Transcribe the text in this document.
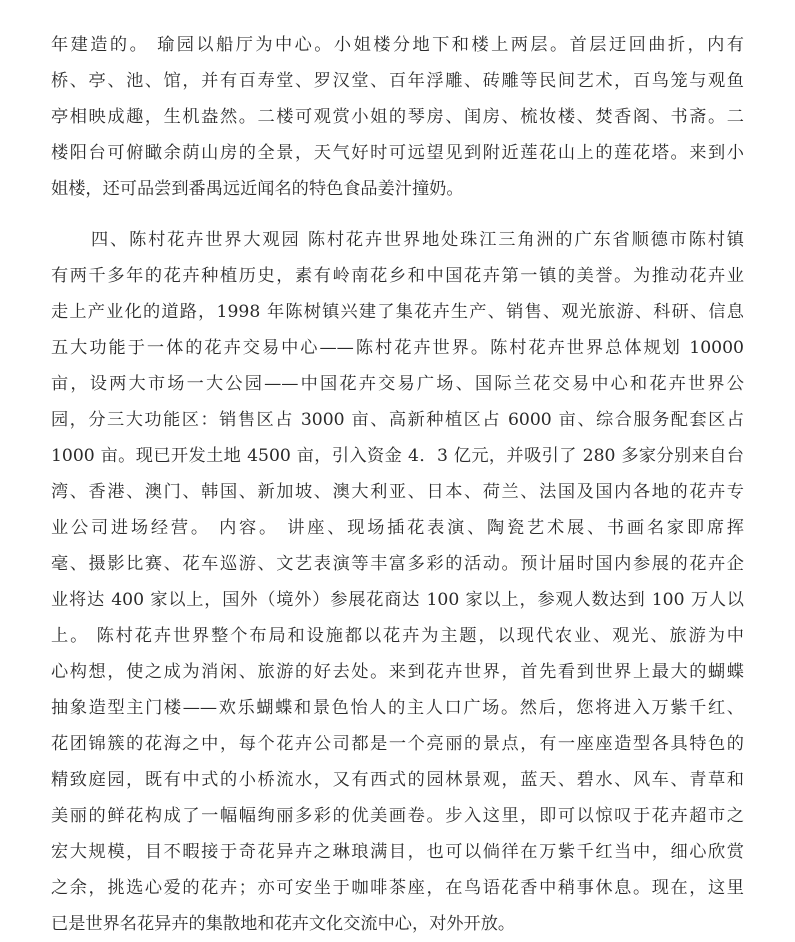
年建造的。 瑜园以船厅为中心。小姐楼分地下和楼上两层。首层迂回曲折，内有
桥、亭、池、馆，并有百寿堂、罗汉堂、百年浮雕、砖雕等民间艺术，百鸟笼与观鱼
亭相映成趣，生机盎然。二楼可观赏小姐的琴房、闺房、梳妆楼、焚香阁、书斋。二
楼阳台可俯瞰余荫山房的全景，天气好时可远望见到附近莲花山上的莲花塔。来到小
姐楼，还可品尝到番禺远近闻名的特色食品姜汁撞奶。
四、陈村花卉世界大观园 陈村花卉世界地处珠江三角洲的广东省顺德市陈村镇
有两千多年的花卉种植历史，素有岭南花乡和中国花卉第一镇的美誉。为推动花卉业
走上产业化的道路，1998 年陈树镇兴建了集花卉生产、销售、观光旅游、科研、信息
五大功能于一体的花卉交易中心——陈村花卉世界。陈村花卉世界总体规划 10000
亩，设两大市场一大公园——中国花卉交易广场、国际兰花交易中心和花卉世界公
园，分三大功能区：销售区占 3000 亩、高新种植区占 6000 亩、综合服务配套区占
1000 亩。现已开发土地 4500 亩，引入资金 4．3 亿元，并吸引了 280 多家分别来自台
湾、香港、澳门、韩国、新加坡、澳大利亚、日本、荷兰、法国及国内各地的花卉专
业公司进场经营。 内容。 讲座、现场插花表演、陶瓷艺术展、书画名家即席挥
毫、摄影比赛、花车巡游、文艺表演等丰富多彩的活动。预计届时国内参展的花卉企
业将达 400 家以上，国外（境外）参展花商达 100 家以上，参观人数达到 100 万人以
上。 陈村花卉世界整个布局和设施都以花卉为主题，以现代农业、观光、旅游为中
心构想，使之成为消闲、旅游的好去处。来到花卉世界，首先看到世界上最大的蝴蝶
抽象造型主门楼——欢乐蝴蝶和景色怡人的主人口广场。然后，您将进入万紫千红、
花团锦簇的花海之中，每个花卉公司都是一个亮丽的景点，有一座座造型各具特色的
精致庭园，既有中式的小桥流水，又有西式的园林景观，蓝天、碧水、风车、青草和
美丽的鲜花构成了一幅幅绚丽多彩的优美画卷。步入这里，即可以惊叹于花卉超市之
宏大规模，目不暇接于奇花异卉之琳琅满目，也可以倘徉在万紫千红当中，细心欣赏
之余，挑选心爱的花卉；亦可安坐于咖啡茶座，在鸟语花香中稍事休息。现在，这里
已是世界名花异卉的集散地和花卉文化交流中心，对外开放。
